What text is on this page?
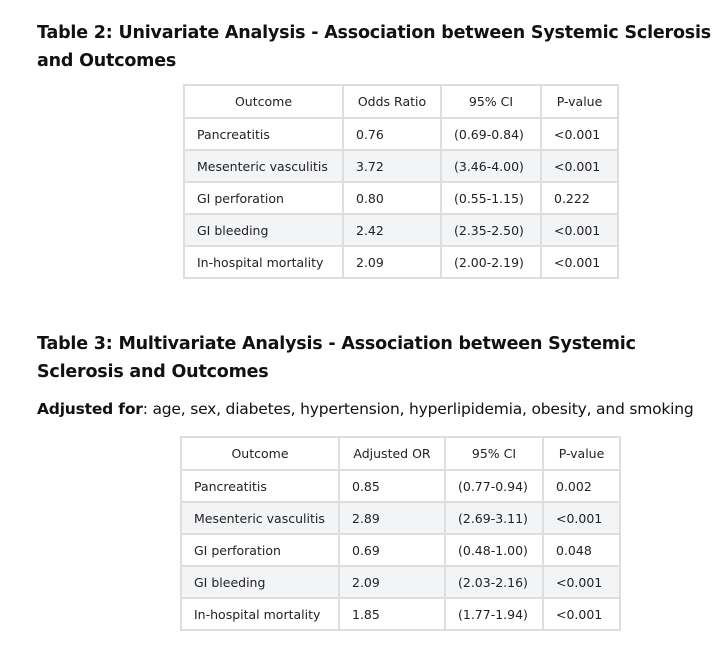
Table 2: Univariate Analysis - Association between Systemic Sclerosis and Outcomes
Outcome	Odds Ratio	95% CI	P-value
Pancreatitis	0.76	(0.69-0.84)	<0.001
Mesenteric vasculitis	3.72	(3.46-4.00)	<0.001
GI perforation	0.80	(0.55-1.15)	0.222
GI bleeding	2.42	(2.35-2.50)	<0.001
In-hospital mortality	2.09	(2.00-2.19)	<0.001
Table 3: Multivariate Analysis - Association between Systemic Sclerosis and Outcomes
Adjusted for: age, sex, diabetes, hypertension, hyperlipidemia, obesity, and smoking
Outcome	Adjusted OR	95% CI	P-value
Pancreatitis	0.85	(0.77-0.94)	0.002
Mesenteric vasculitis	2.89	(2.69-3.11)	<0.001
GI perforation	0.69	(0.48-1.00)	0.048
GI bleeding	2.09	(2.03-2.16)	<0.001
In-hospital mortality	1.85	(1.77-1.94)	<0.001
